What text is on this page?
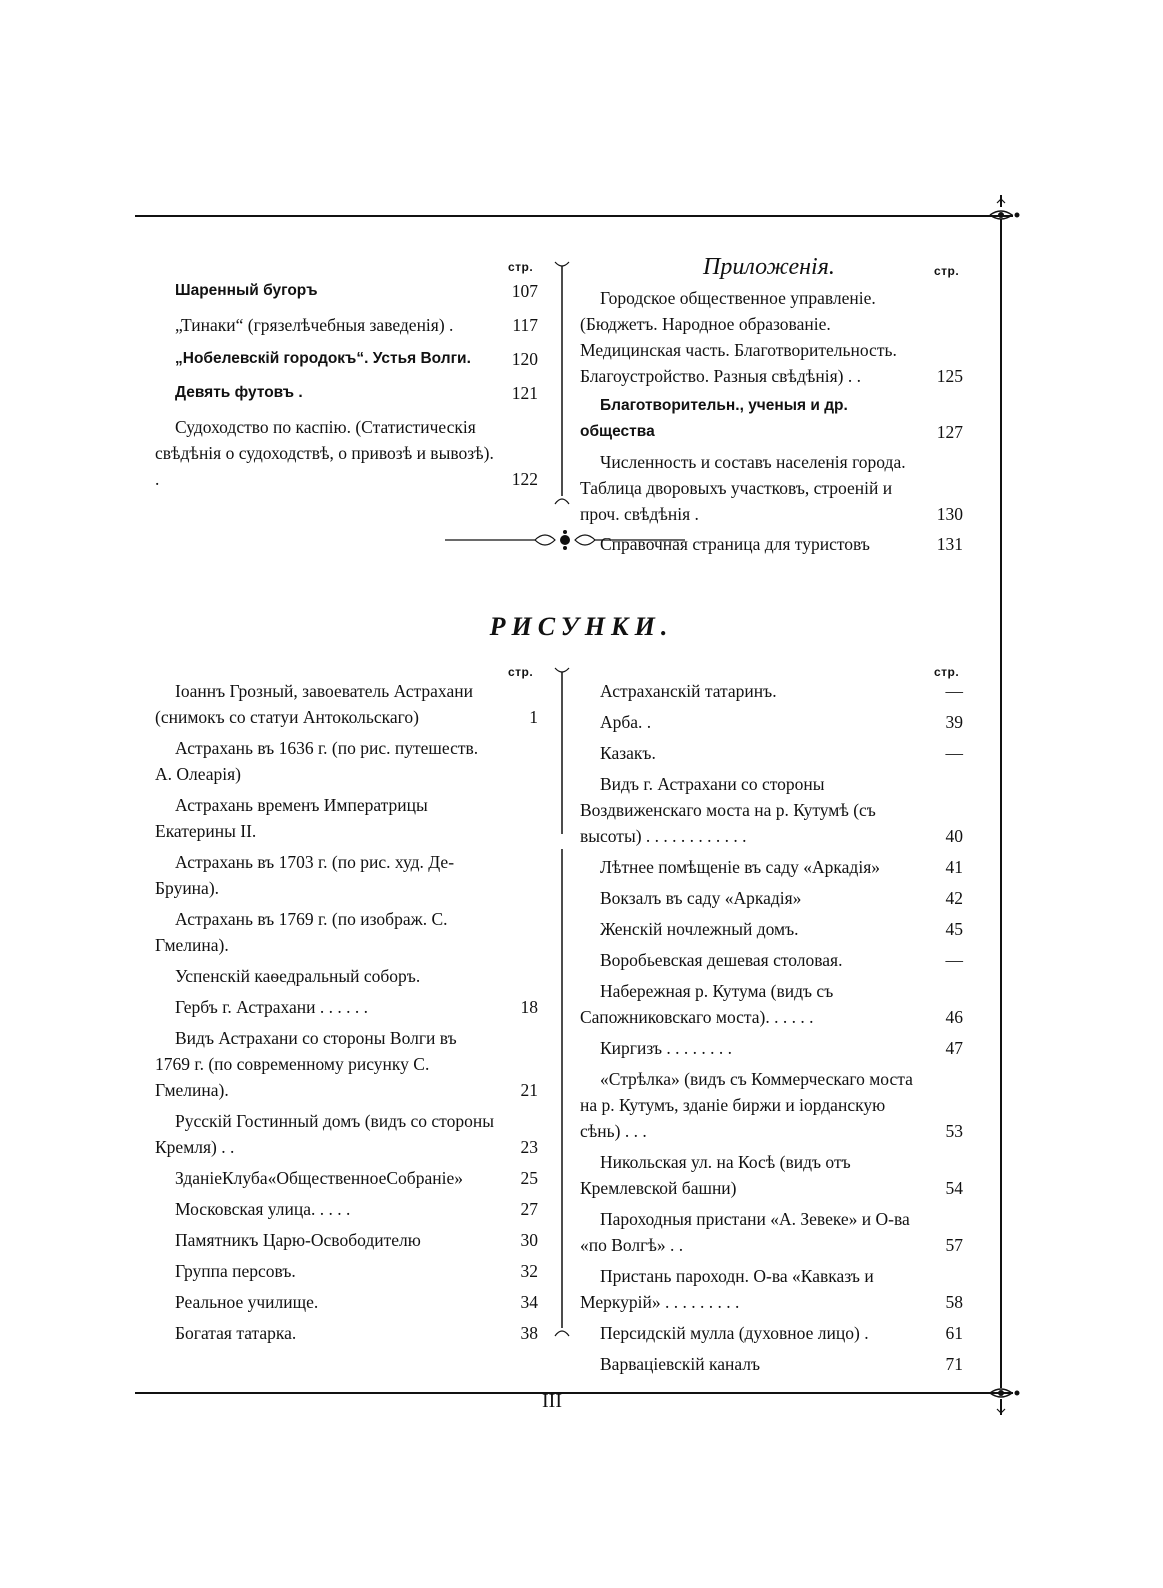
стр.	Приложенія.	стр.
Шаренный бугоръ	107
„Тинаки“ (грязелѣчебныя заведенія) .	117
„Нобелевскій городокъ“. Устья Волги.	120
Девять футовъ .	121
Судоходство по каспію. (Статистическія свѣдѣнія о судоходствѣ, о привозѣ и вывозѣ). .	122
Городское общественное управленіе. (Бюджетъ. Народное образованіе. Медицинская часть. Благотворительность. Благоустройство. Разныя свѣдѣнія) . .	125
Благотворительн., ученыя и др. общества	127
Численность и составъ населенія города. Таблица дворовыхъ участковъ, строеній и проч. свѣдѣнія .	130
Справочная страница для туристовъ	131
РИСУНКИ.
стр.	стр.
Іоаннъ Грозный, завоеватель Астрахани (снимокъ со статуи Антокольскаго)	1
Астрахань въ 1636 г. (по рис. путешеств. А. Олеарія)
Астрахань временъ Императрицы Екатерины II.
Астрахань въ 1703 г. (по рис. худ. Де-Бруина).
Астрахань въ 1769 г. (по изображ. С. Гмелина).
Успенскій каѳедральный соборъ.
Гербъ г. Астрахани . . . . . .	18
Видъ Астрахани со стороны Волги въ 1769 г. (по современному рисунку С. Гмелина).	21
Русскій Гостинный домъ (видъ со стороны Кремля) . .	23
ЗданіеКлуба«ОбщественноеСобраніе»	25
Московская улица. . . . .	27
Памятникъ Царю-Освободителю	30
Группа персовъ.	32
Реальное училище.	34
Богатая татарка.	38
Астраханскій татаринъ.	—
Арба. .	39
Казакъ.	—
Видъ г. Астрахани со стороны Воздвиженскаго моста на р. Кутумѣ (съ высоты) . . . . . . . . . . . .	40
Лѣтнее помѣщеніе въ саду «Аркадія»	41
Вокзалъ въ саду «Аркадія»	42
Женскій ночлежный домъ.	45
Воробьевская дешевая столовая.	—
Набережная р. Кутума (видъ съ Сапожниковскаго моста). . . . . .	46
Киргизъ . . . . . . . .	47
«Стрѣлка» (видъ съ Коммерческаго моста на р. Кутумъ, зданіе биржи и іорданскую сѣнь) . . .	53
Никольская ул. на Косѣ (видъ отъ Кремлевской башни)	54
Пароходныя пристани «А. Зевеке» и О-ва «по Волгѣ» . .	57
Пристань пароходн. О-ва «Кавказъ и Меркурій» . . . . . . . . .	58
Персидскій мулла (духовное лицо) .	61
Варваціевскій каналъ	71
III
